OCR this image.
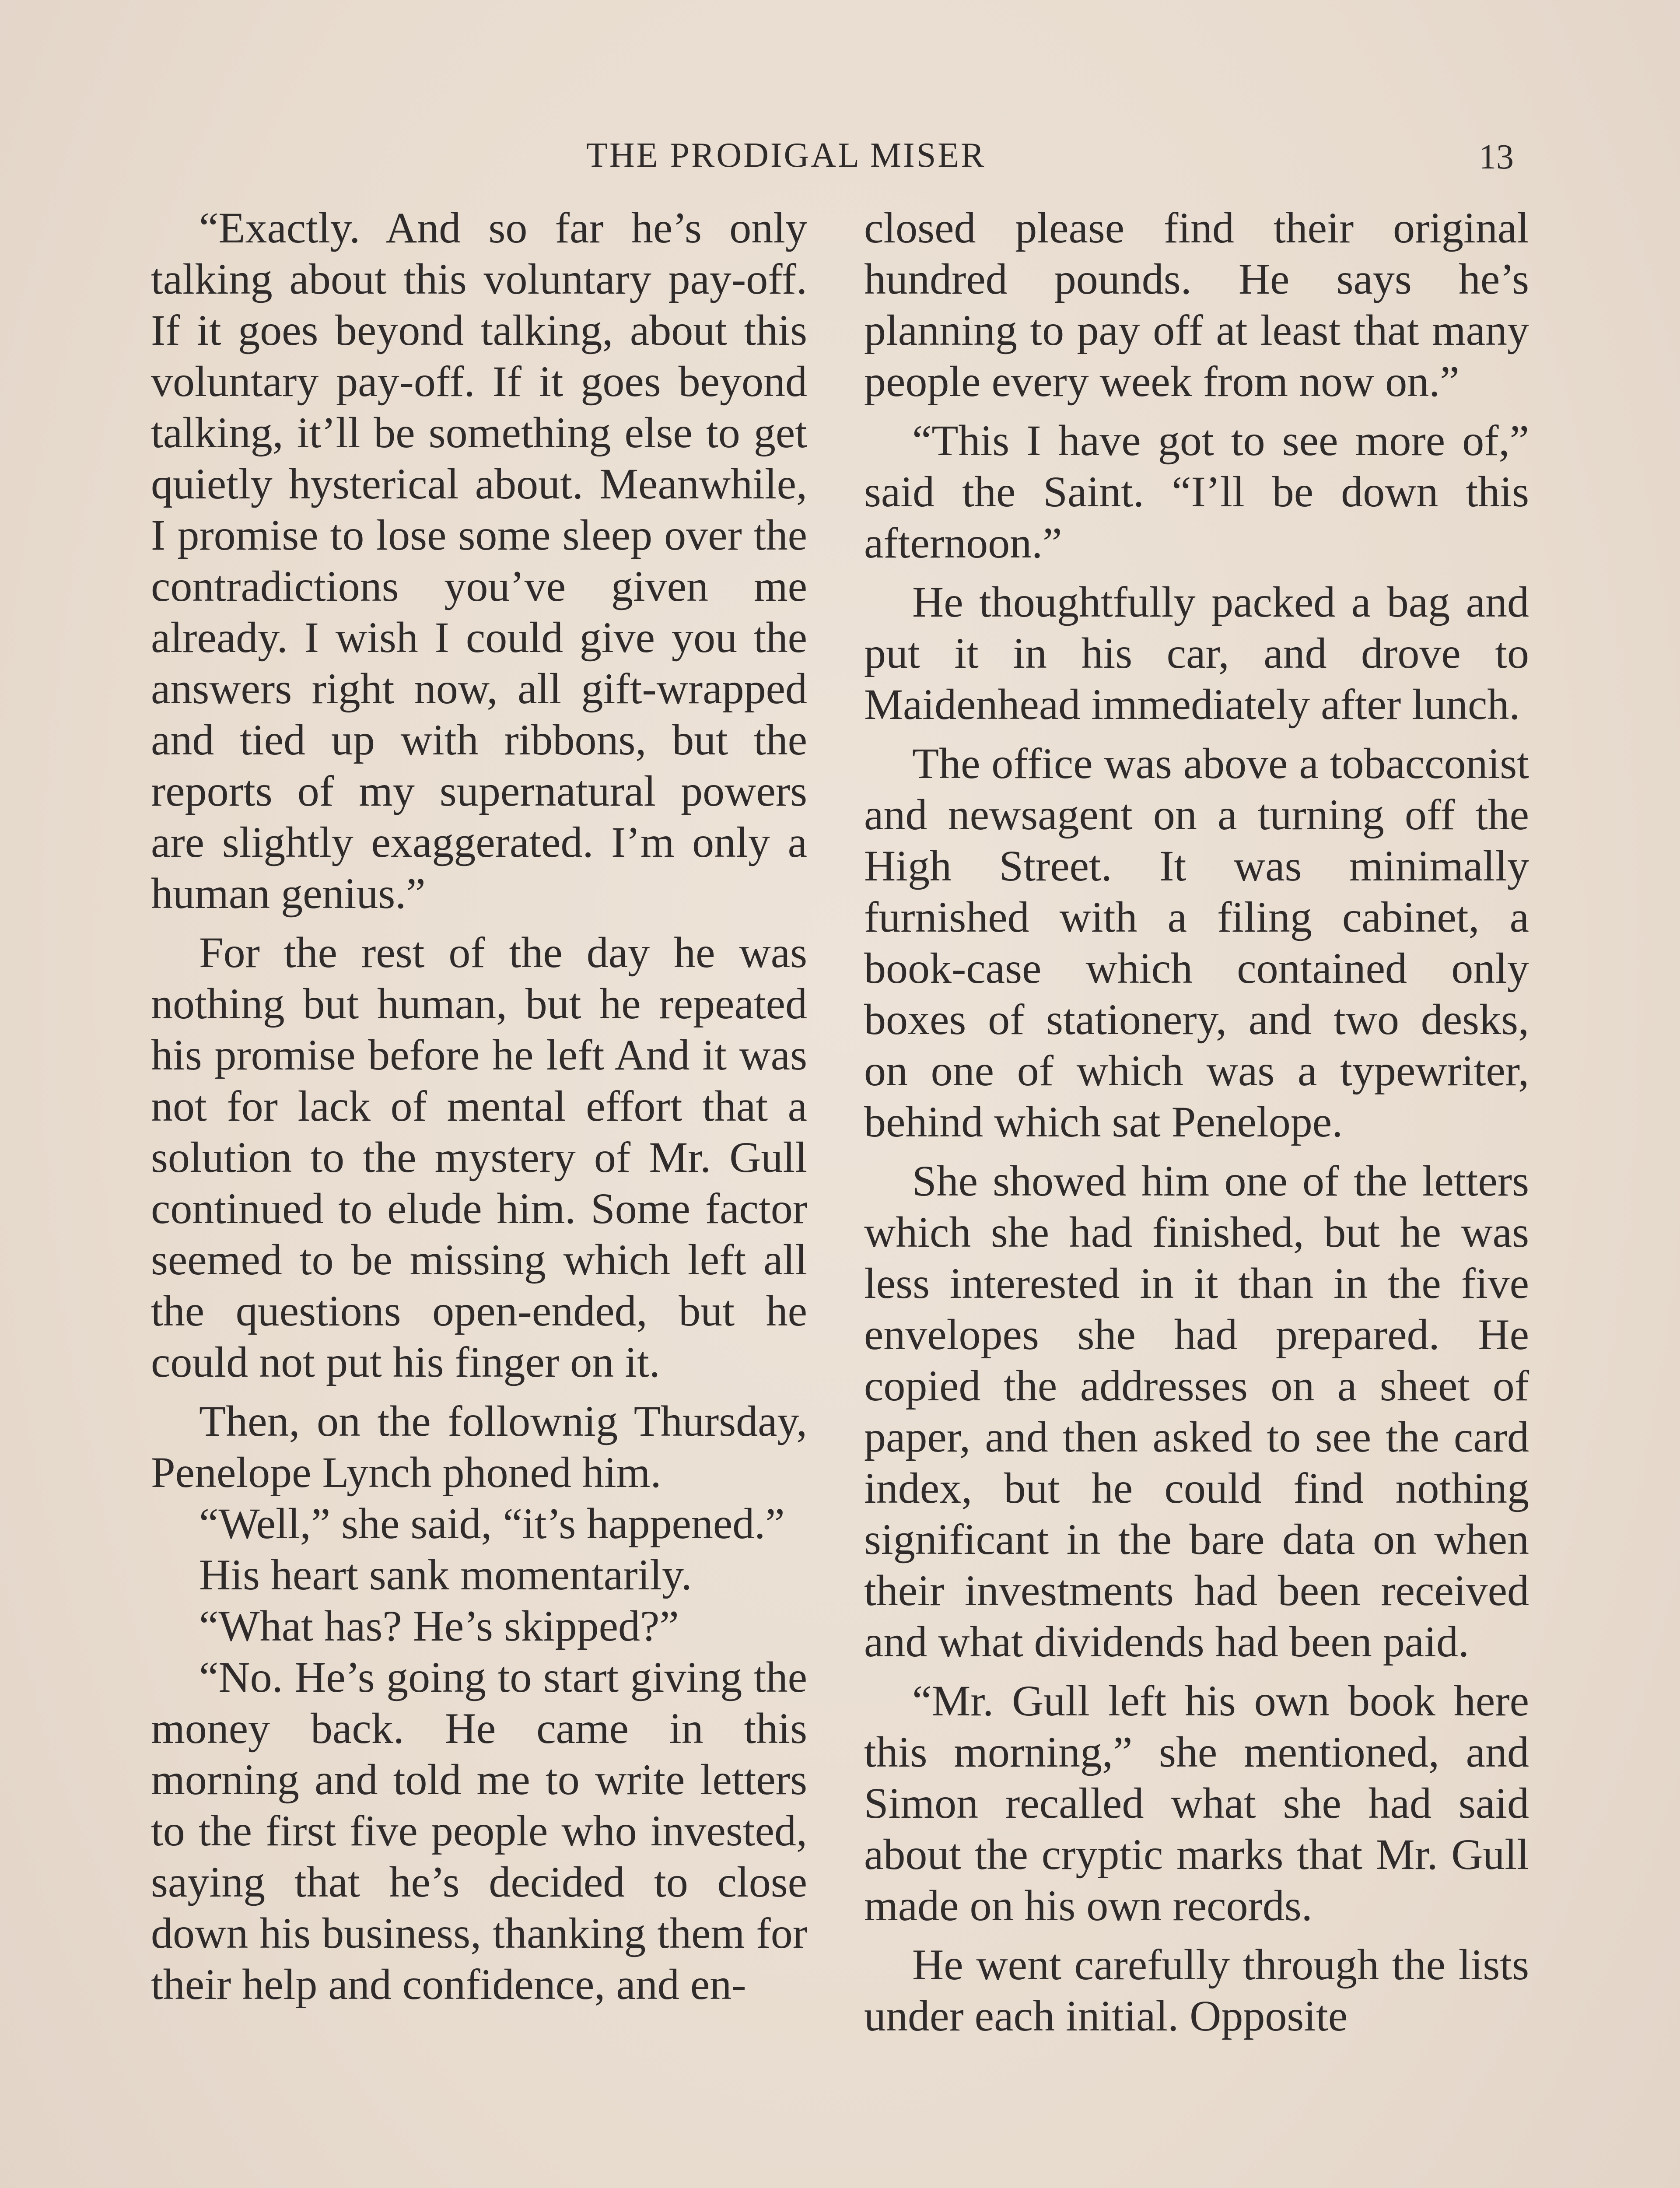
THE PRODIGAL MISER	13

“Exactly. And so far he’s only talking about this voluntary pay-off. If it goes beyond talking, about this voluntary pay-off. If it goes beyond talking, it’ll be something else to get quietly hysterical about. Meanwhile, I promise to lose some sleep over the contradictions you’ve given me already. I wish I could give you the answers right now, all gift-wrapped and tied up with ribbons, but the reports of my supernatural powers are slightly exaggerated. I’m only a human genius.”

For the rest of the day he was nothing but human, but he repeated his promise before he left And it was not for lack of mental effort that a solution to the mystery of Mr. Gull continued to elude him. Some factor seemed to be missing which left all the questions open-ended, but he could not put his finger on it.

Then, on the follownig Thursday, Penelope Lynch phoned him.

“Well,” she said, “it’s happened.”

His heart sank momentarily.

“What has? He’s skipped?”

“No. He’s going to start giving the money back. He came in this morning and told me to write letters to the first five people who invested, saying that he’s decided to close down his business, thanking them for their help and confidence, and en-

closed please find their original hundred pounds. He says he’s planning to pay off at least that many people every week from now on.”

“This I have got to see more of,” said the Saint. “I’ll be down this afternoon.”

He thoughtfully packed a bag and put it in his car, and drove to Maidenhead immediately after lunch.

The office was above a tobacconist and newsagent on a turning off the High Street. It was minimally furnished with a filing cabinet, a book-case which contained only boxes of stationery, and two desks, on one of which was a typewriter, behind which sat Penelope.

She showed him one of the letters which she had finished, but he was less interested in it than in the five envelopes she had prepared. He copied the addresses on a sheet of paper, and then asked to see the card index, but he could find nothing significant in the bare data on when their investments had been received and what dividends had been paid.

“Mr. Gull left his own book here this morning,” she mentioned, and Simon recalled what she had said about the cryptic marks that Mr. Gull made on his own records.

He went carefully through the lists under each initial. Opposite
